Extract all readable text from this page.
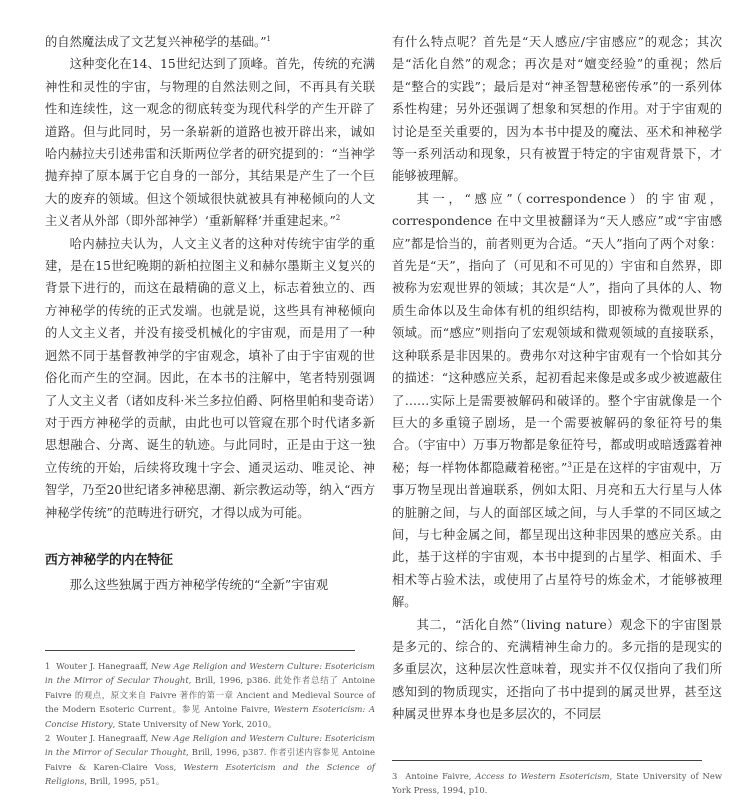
的自然魔法成了文艺复兴神秘学的基础。”$^1$

这种变化在14、15世纪达到了顶峰。首先，传统的充满神性和灵性的宇宙，与物理的自然法则之间，不再具有关联性和连续性，这一观念的彻底转变为现代科学的产生开辟了道路。但与此同时，另一条崭新的道路也被开辟出来，诚如哈内赫拉夫引述弗雷和沃斯两位学者的研究提到的：“当神学抛弃掉了原本属于它自身的一部分，其结果是产生了一个巨大的废弃的领域。但这个领域很快就被具有神秘倾向的人文主义者从外部（即外部神学）‘重新解释’并重建起来。”$^2$

哈内赫拉夫认为，人文主义者的这种对传统宇宙学的重建，是在15世纪晚期的新柏拉图主义和赫尔墨斯主义复兴的背景下进行的，而这在最精确的意义上，标志着独立的、西方神秘学的传统的正式发端。也就是说，这些具有神秘倾向的人文主义者，并没有接受机械化的宇宙观，而是用了一种迥然不同于基督教神学的宇宙观念，填补了由于宇宙观的世俗化而产生的空洞。因此，在本书的注解中，笔者特别强调了人文主义者（诸如皮科·米兰多拉伯爵、阿格里帕和斐奇诺）对于西方神秘学的贡献，由此也可以管窥在那个时代诸多新思想融合、分离、诞生的轨迹。与此同时，正是由于这一独立传统的开始，后续将玫瑰十字会、通灵运动、唯灵论、神智学，乃至20世纪诸多神秘思潮、新宗教运动等，纳入“西方神秘学传统”的范畴进行研究，才得以成为可能。

西方神秘学的内在特征

那么这些独属于西方神秘学传统的“全新”宇宙观

1 Wouter J. Hanegraaff, New Age Religion and Western Culture: Esotericism in the Mirror of Secular Thought, Brill, 1996, p386. 此处作者总结了 Antoine Faivre 的观点，原文来自 Faivre 著作的第一章 Ancient and Medieval Source of the Modern Esoteric Current。参见 Antoine Faivre, Western Esotericism: A Concise History, State University of New York, 2010。

2 Wouter J. Hanegraaff, New Age Religion and Western Culture: Esotericism in the Mirror of Secular Thought, Brill, 1996, p387. 作者引述内容参见 Antoine Faivre & Karen-Claire Voss, Western Esotericism and the Science of Religions, Brill, 1995, p51。

有什么特点呢？首先是“天人感应/宇宙感应”的观念；其次是“活化自然”的观念；再次是对“嬗变经验”的重视；然后是“整合的实践”；最后是对“神圣智慧秘密传承”的一系列体系性构建；另外还强调了想象和冥想的作用。对于宇宙观的讨论是至关重要的，因为本书中提及的魔法、巫术和神秘学等一系列活动和现象，只有被置于特定的宇宙观背景下，才能够被理解。

其一，“感应”（correspondence）的宇宙观，correspondence 在中文里被翻译为“天人感应”或“宇宙感应”都是恰当的，前者则更为合适。“天人”指向了两个对象：首先是“天”，指向了（可见和不可见的）宇宙和自然界，即被称为宏观世界的领域；其次是“人”，指向了具体的人、物质生命体以及生命体有机的组织结构，即被称为微观世界的领域。而“感应”则指向了宏观领域和微观领域的直接联系，这种联系是非因果的。费弗尔对这种宇宙观有一个恰如其分的描述：“这种感应关系，起初看起来像是或多或少被遮蔽住了……实际上是需要被解码和破译的。整个宇宙就像是一个巨大的多重镜子剧场，是一个需要被解码的象征符号的集合。（宇宙中）万事万物都是象征符号，都或明或暗透露着神秘；每一样物体都隐藏着秘密。”$^3$正是在这样的宇宙观中，万事万物呈现出普遍联系，例如太阳、月亮和五大行星与人体的脏腑之间，与人的面部区域之间，与人手掌的不同区域之间，与七种金属之间，都呈现出这种非因果的感应关系。由此，基于这样的宇宙观，本书中提到的占星学、相面术、手相术等占验术法，或使用了占星符号的炼金术，才能够被理解。

其二，“活化自然”（living nature）观念下的宇宙图景是多元的、综合的、充满精神生命力的。多元指的是现实的多重层次，这种层次性意味着，现实并不仅仅指向了我们所感知到的物质现实，还指向了书中提到的属灵世界，甚至这种属灵世界本身也是多层次的，不同层

3 Antoine Faivre, Access to Western Esotericism, State University of New York Press, 1994, p10.
